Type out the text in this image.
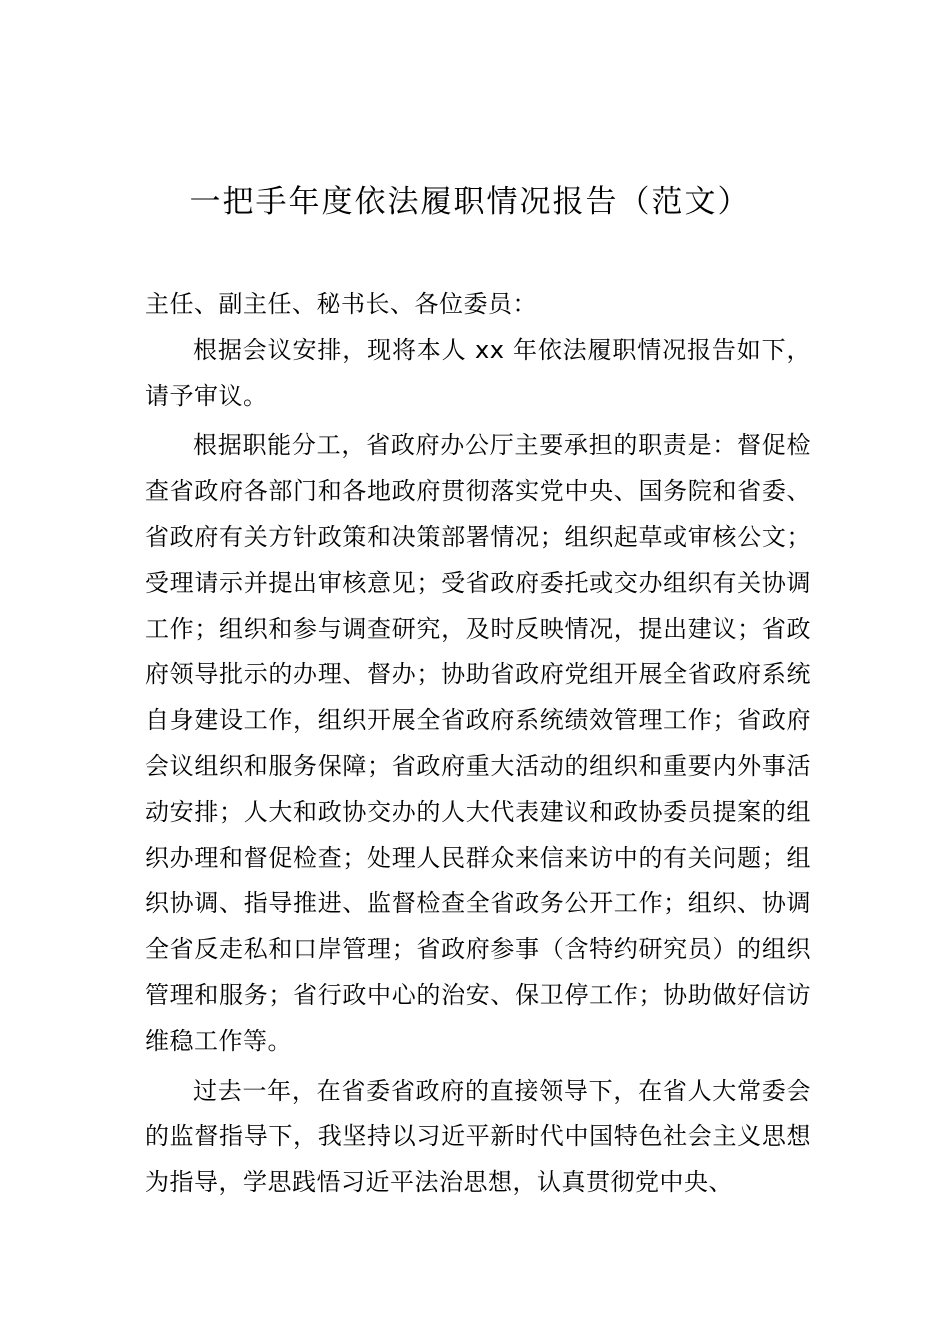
一把手年度依法履职情况报告（范文）

主任、副主任、秘书长、各位委员：

根据会议安排，现将本人 xx 年依法履职情况报告如下，请予审议。

根据职能分工，省政府办公厅主要承担的职责是：督促检查省政府各部门和各地政府贯彻落实党中央、国务院和省委、省政府有关方针政策和决策部署情况；组织起草或审核公文；受理请示并提出审核意见；受省政府委托或交办组织有关协调工作；组织和参与调查研究，及时反映情况，提出建议；省政府领导批示的办理、督办；协助省政府党组开展全省政府系统自身建设工作，组织开展全省政府系统绩效管理工作；省政府会议组织和服务保障；省政府重大活动的组织和重要内外事活动安排；人大和政协交办的人大代表建议和政协委员提案的组织办理和督促检查；处理人民群众来信来访中的有关问题；组织协调、指导推进、监督检查全省政务公开工作；组织、协调全省反走私和口岸管理；省政府参事（含特约研究员）的组织管理和服务；省行政中心的治安、保卫停工作；协助做好信访维稳工作等。

过去一年，在省委省政府的直接领导下，在省人大常委会的监督指导下，我坚持以习近平新时代中国特色社会主义思想为指导，学思践悟习近平法治思想，认真贯彻党中央、
